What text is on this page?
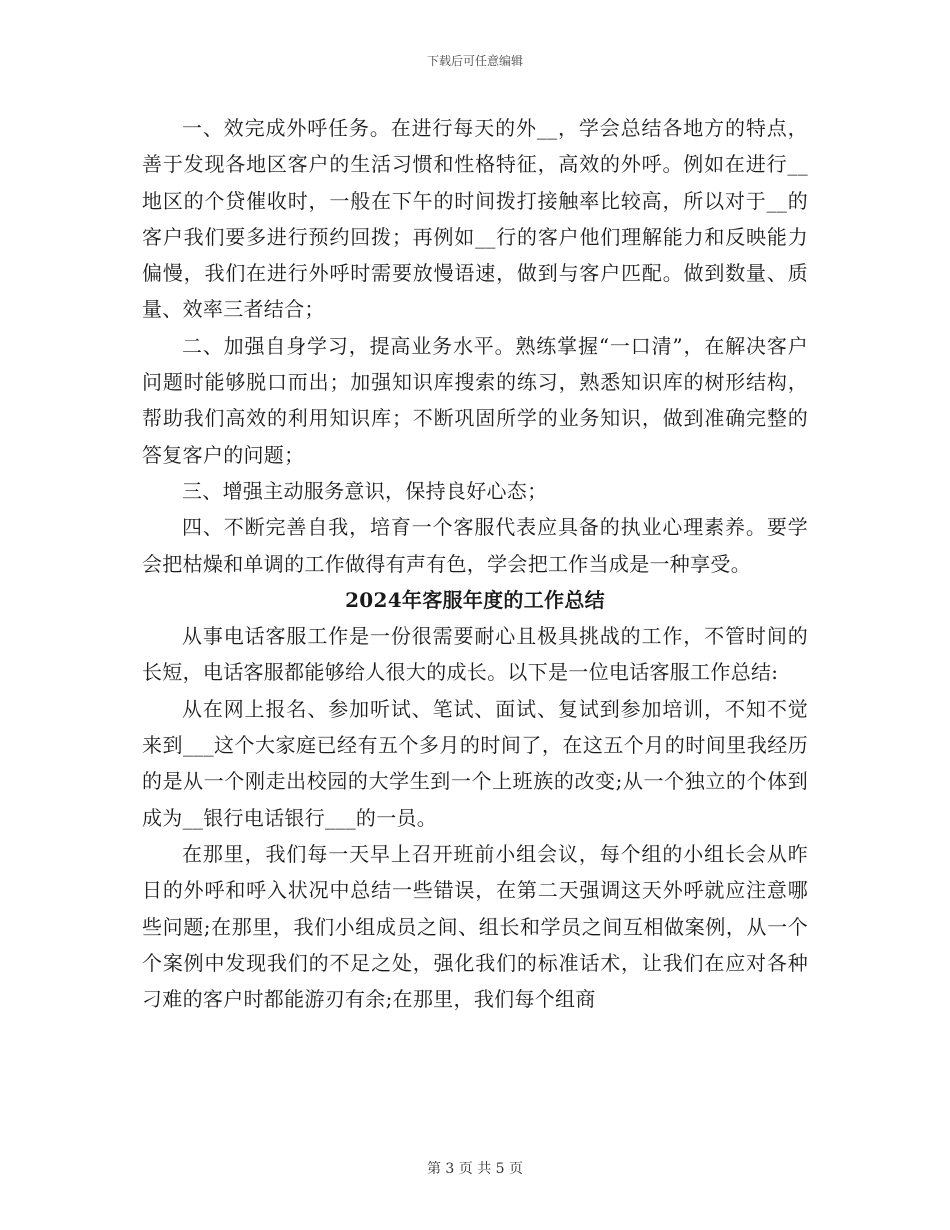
下载后可任意编辑

一、效完成外呼任务。在进行每天的外__，学会总结各地方的特点，善于发现各地区客户的生活习惯和性格特征，高效的外呼。例如在进行__地区的个贷催收时，一般在下午的时间拨打接触率比较高，所以对于__的客户我们要多进行预约回拨；再例如__行的客户他们理解能力和反映能力偏慢，我们在进行外呼时需要放慢语速，做到与客户匹配。做到数量、质量、效率三者结合；

二、加强自身学习，提高业务水平。熟练掌握“一口清”，在解决客户问题时能够脱口而出；加强知识库搜索的练习，熟悉知识库的树形结构，帮助我们高效的利用知识库；不断巩固所学的业务知识，做到准确完整的答复客户的问题；

三、增强主动服务意识，保持良好心态；

四、不断完善自我，培育一个客服代表应具备的执业心理素养。要学会把枯燥和单调的工作做得有声有色，学会把工作当成是一种享受。

2024年客服年度的工作总结

从事电话客服工作是一份很需要耐心且极具挑战的工作，不管时间的长短，电话客服都能够给人很大的成长。以下是一位电话客服工作总结:

从在网上报名、参加听试、笔试、面试、复试到参加培训，不知不觉来到___这个大家庭已经有五个多月的时间了，在这五个月的时间里我经历的是从一个刚走出校园的大学生到一个上班族的改变;从一个独立的个体到成为__银行电话银行___的一员。

在那里，我们每一天早上召开班前小组会议，每个组的小组长会从昨日的外呼和呼入状况中总结一些错误，在第二天强调这天外呼就应注意哪些问题;在那里，我们小组成员之间、组长和学员之间互相做案例，从一个个案例中发现我们的不足之处，强化我们的标准话术，让我们在应对各种刁难的客户时都能游刃有余;在那里，我们每个组商

第 3 页 共 5 页
